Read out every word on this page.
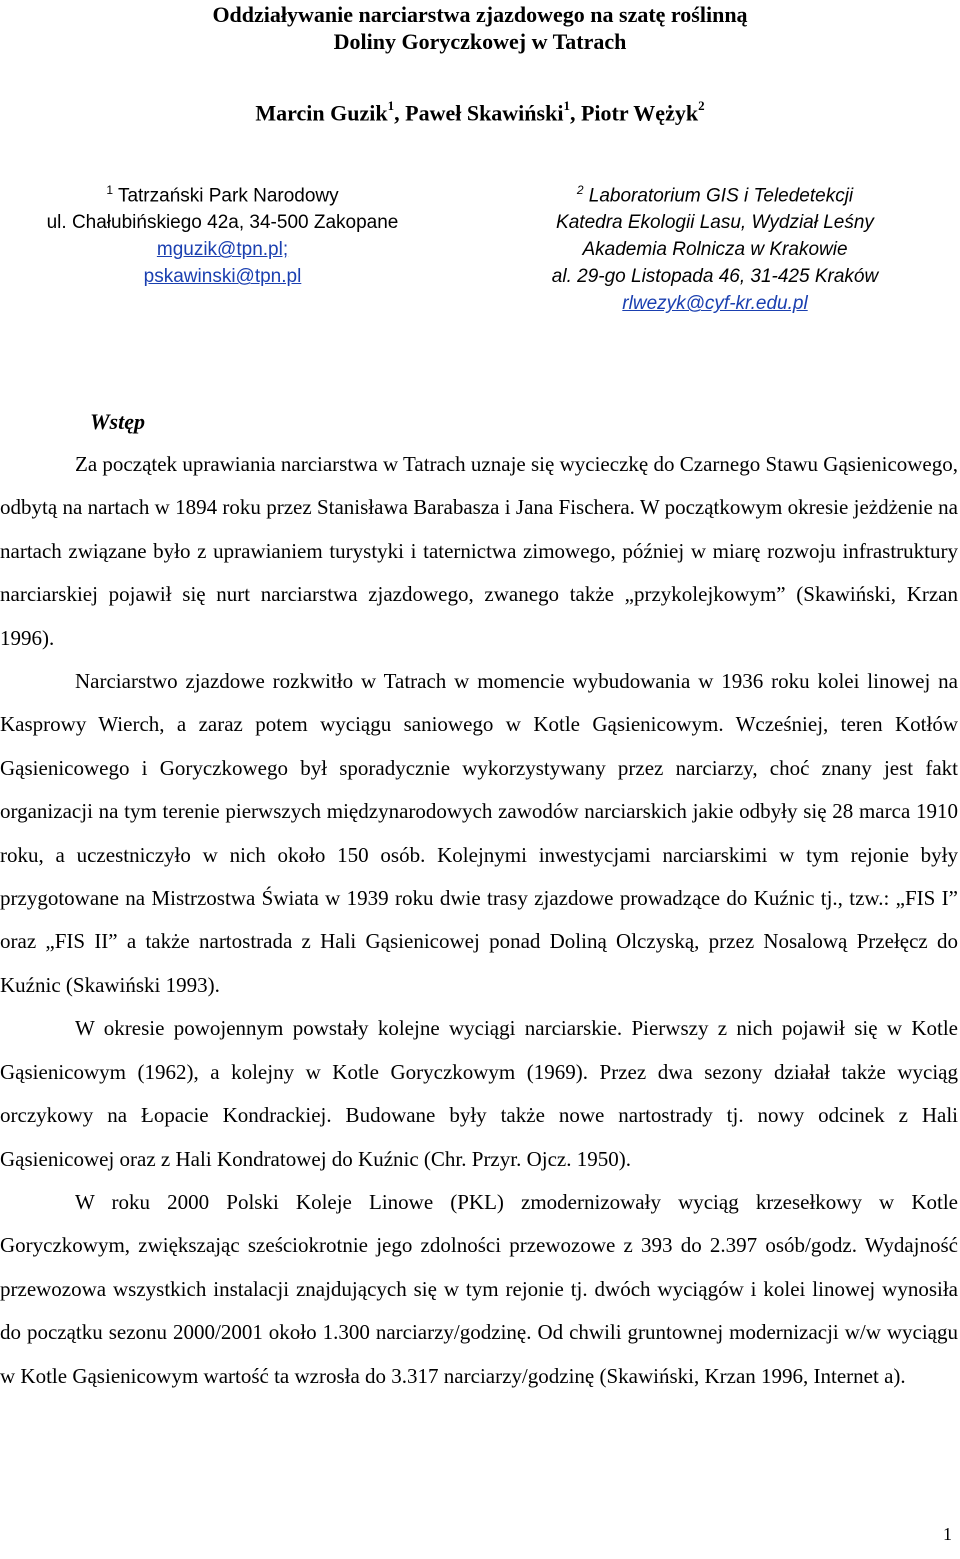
Oddziaływanie narciarstwa zjazdowego na szatę roślinną
Doliny Goryczkowej w Tatrach
Marcin Guzik$^1$, Paweł Skawiński$^1$, Piotr Wężyk$^2$
$^1$ Tatrzański Park Narodowy
ul. Chałubińskiego 42a, 34-500 Zakopane
mguzik@tpn.pl;
pskawinski@tpn.pl
$^2$ Laboratorium GIS i Teledetekcji
Katedra Ekologii Lasu, Wydział Leśny
Akademia Rolnicza w Krakowie
al. 29-go Listopada 46, 31-425 Kraków
rlwezyk@cyf-kr.edu.pl
Wstęp

Za początek uprawiania narciarstwa w Tatrach uznaje się wycieczkę do Czarnego Stawu Gąsienicowego, odbytą na nartach w 1894 roku przez Stanisława Barabasza i Jana Fischera. W początkowym okresie jeżdżenie na nartach związane było z uprawianiem turystyki i taternictwa zimowego, później w miarę rozwoju infrastruktury narciarskiej pojawił się nurt narciarstwa zjazdowego, zwanego także „przykolejkowym” (Skawiński, Krzan 1996).

Narciarstwo zjazdowe rozkwitło w Tatrach w momencie wybudowania w 1936 roku kolei linowej na Kasprowy Wierch, a zaraz potem wyciągu saniowego w Kotle Gąsienicowym. Wcześniej, teren Kotłów Gąsienicowego i Goryczkowego był sporadycznie wykorzystywany przez narciarzy, choć znany jest fakt organizacji na tym terenie pierwszych międzynarodowych zawodów narciarskich jakie odbyły się 28 marca 1910 roku, a uczestniczyło w nich około 150 osób. Kolejnymi inwestycjami narciarskimi w tym rejonie były przygotowane na Mistrzostwa Świata w 1939 roku dwie trasy zjazdowe prowadzące do Kuźnic tj., tzw.: „FIS I” oraz „FIS II” a także nartostrada z Hali Gąsienicowej ponad Doliną Olczyską, przez Nosalową Przełęcz do Kuźnic (Skawiński 1993).

W okresie powojennym powstały kolejne wyciągi narciarskie. Pierwszy z nich pojawił się w Kotle Gąsienicowym (1962), a kolejny w Kotle Goryczkowym (1969). Przez dwa sezony działał także wyciąg orczykowy na Łopacie Kondrackiej. Budowane były także nowe nartostrady tj. nowy odcinek z Hali Gąsienicowej oraz z Hali Kondratowej do Kuźnic (Chr. Przyr. Ojcz. 1950).

W roku 2000 Polski Koleje Linowe (PKL) zmodernizowały wyciąg krzesełkowy w Kotle Goryczkowym, zwiększając sześciokrotnie jego zdolności przewozowe z 393 do 2.397 osób/godz. Wydajność przewozowa wszystkich instalacji znajdujących się w tym rejonie tj. dwóch wyciągów i kolei linowej wynosiła do początku sezonu 2000/2001 około 1.300 narciarzy/godzinę. Od chwili gruntownej modernizacji w/w wyciągu w Kotle Gąsienicowym wartość ta wzrosła do 3.317 narciarzy/godzinę (Skawiński, Krzan 1996, Internet a).

1
